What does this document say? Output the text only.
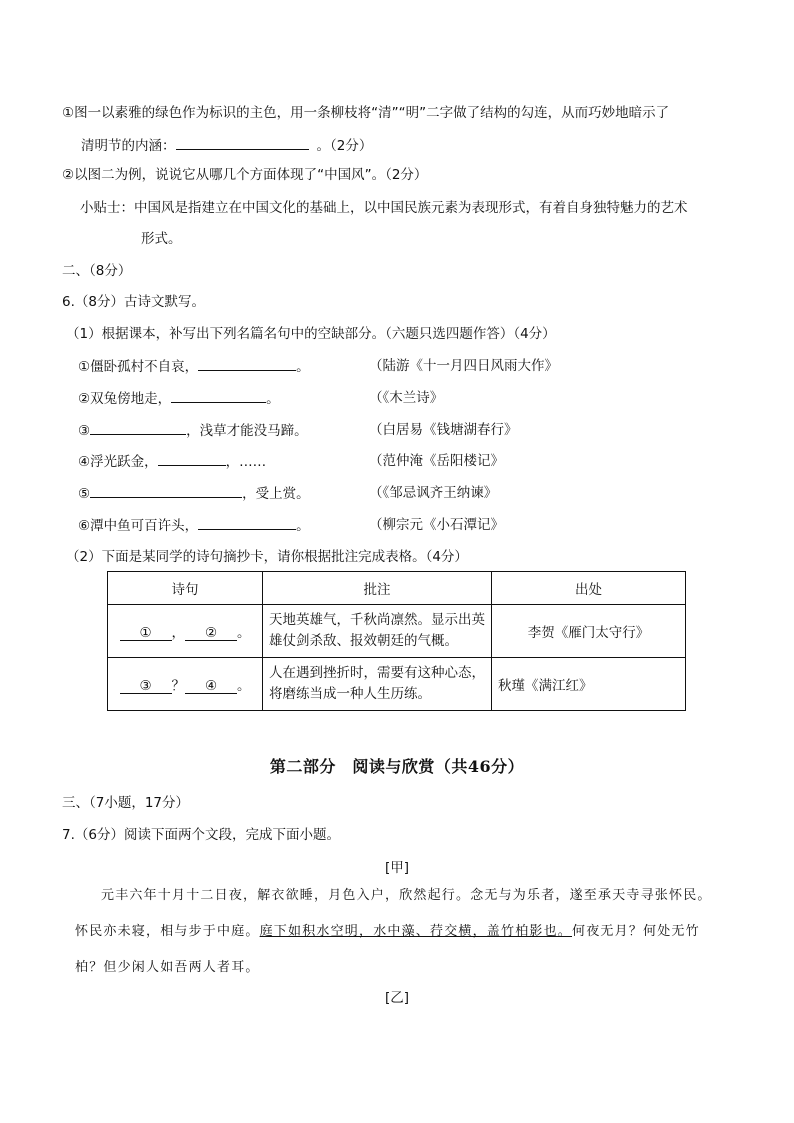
①图一以素雅的绿色作为标识的主色，用一条柳枝将“清”“明”二字做了结构的勾连，从而巧妙地暗示了
清明节的内涵：	。（2分）
②以图二为例，说说它从哪几个方面体现了“中国风”。（2分）
小贴士：中国风是指建立在中国文化的基础上，以中国民族元素为表现形式，有着自身独特魅力的艺术
形式。
二、（8分）
6.（8分）古诗文默写。
（1）根据课本，补写出下列名篇名句中的空缺部分。（六题只选四题作答）（4分）
①僵卧孤村不自哀，	。	（陆游《十一月四日风雨大作》
②双兔傍地走，	。	（《木兰诗》
③	，浅草才能没马蹄。	（白居易《钱塘湖春行》
④浮光跃金，	，……	（范仲淹《岳阳楼记》
⑤	，受上赏。	（《邹忌讽齐王纳谏》
⑥潭中鱼可百许头，	。	（柳宗元《小石潭记》
（2）下面是某同学的诗句摘抄卡，请你根据批注完成表格。（4分）
诗句	批注	出处
① ， ② 。	天地英雄气，千秋尚凛然。显示出英雄仗剑杀敌、报效朝廷的气概。	李贺《雁门太守行》
③ ？ ④ 。	人在遇到挫折时，需要有这种心态，将磨练当成一种人生历练。	秋瑾《满江红》
第二部分　阅读与欣赏（共46分）
三、（7小题，17分）
7.（6分）阅读下面两个文段，完成下面小题。
[甲]
元丰六年十月十二日夜，解衣欲睡，月色入户，欣然起行。念无与为乐者，遂至承天寺寻张怀民。怀民亦未寝，相与步于中庭。庭下如积水空明，水中藻、荇交横，盖竹柏影也。何夜无月？何处无竹柏？但少闲人如吾两人者耳。
[乙]
